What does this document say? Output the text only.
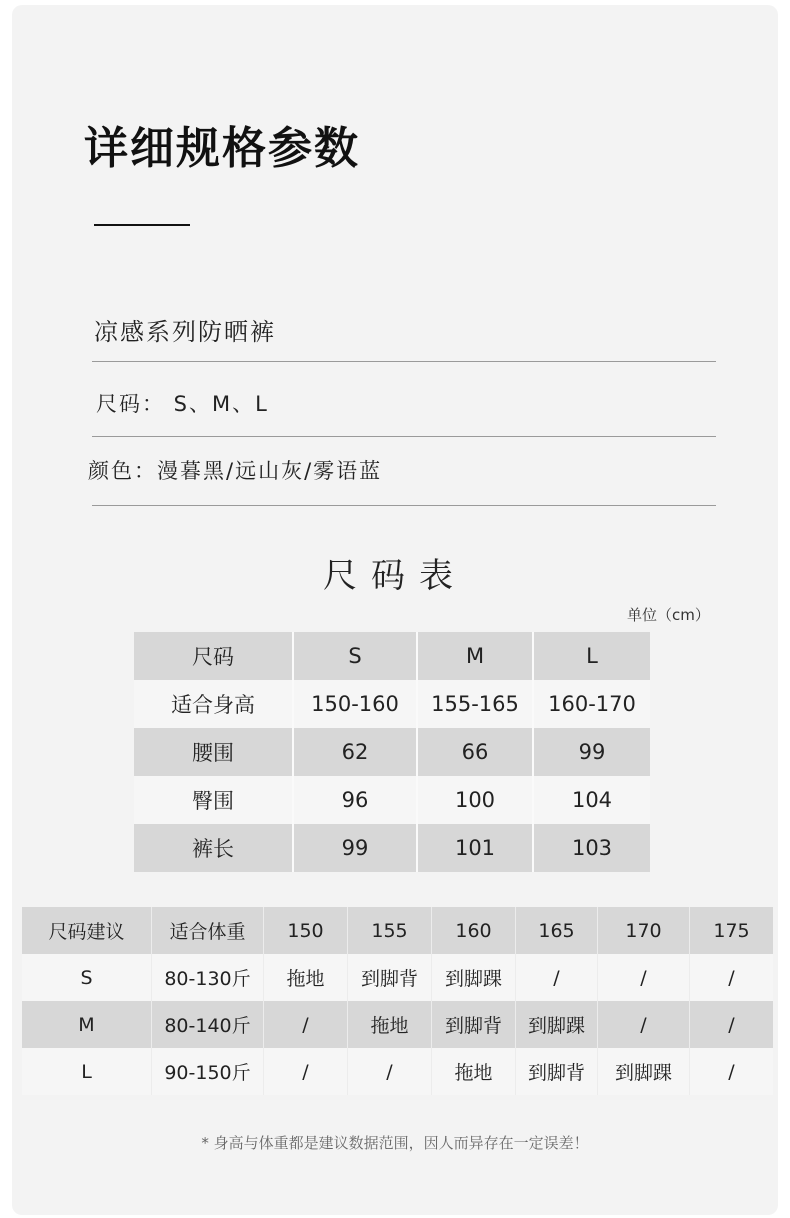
详细规格参数
凉感系列防晒裤
尺码： S、M、L
颜色：漫暮黑/远山灰/雾语蓝
尺码表
单位（cm）
尺码	S	M	L
适合身高	150-160	155-165	160-170
腰围	62	66	99
臀围	96	100	104
裤长	99	101	103
尺码建议	适合体重	150	155	160	165	170	175
S	80-130斤	拖地	到脚背	到脚踝	/	/	/
M	80-140斤	/	拖地	到脚背	到脚踝	/	/
L	90-150斤	/	/	拖地	到脚背	到脚踝	/
* 身高与体重都是建议数据范围，因人而异存在一定误差！
